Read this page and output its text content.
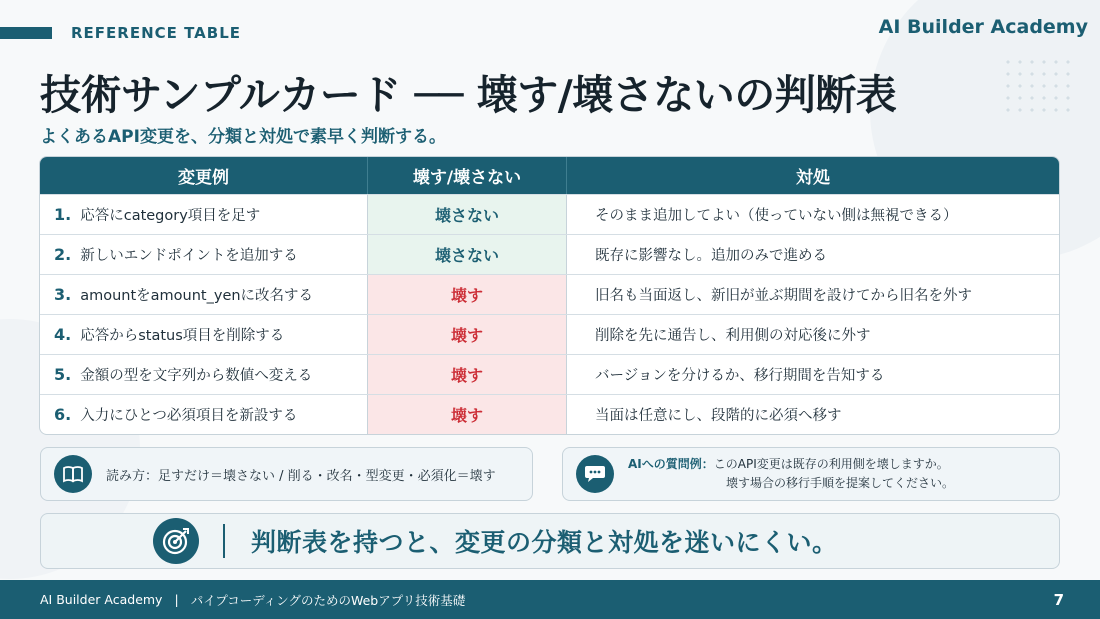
REFERENCE TABLE	AI Builder Academy
技術サンプルカード ── 壊す/壊さないの判断表
よくあるAPI変更を、分類と対処で素早く判断する。
変更例	壊す/壊さない	対処
1. 応答にcategory項目を足す	壊さない	そのまま追加してよい（使っていない側は無視できる）
2. 新しいエンドポイントを追加する	壊さない	既存に影響なし。追加のみで進める
3. amountをamount_yenに改名する	壊す	旧名も当面返し、新旧が並ぶ期間を設けてから旧名を外す
4. 応答からstatus項目を削除する	壊す	削除を先に通告し、利用側の対応後に外す
5. 金額の型を文字列から数値へ変える	壊す	バージョンを分けるか、移行期間を告知する
6. 入力にひとつ必須項目を新設する	壊す	当面は任意にし、段階的に必須へ移す
読み方：足すだけ＝壊さない / 削る・改名・型変更・必須化＝壊す
AIへの質問例：このAPI変更は既存の利用側を壊しますか。
壊す場合の移行手順を提案してください。
判断表を持つと、変更の分類と対処を迷いにくい。
AI Builder Academy | パイプコーディングのためのWebアプリ技術基礎	7
